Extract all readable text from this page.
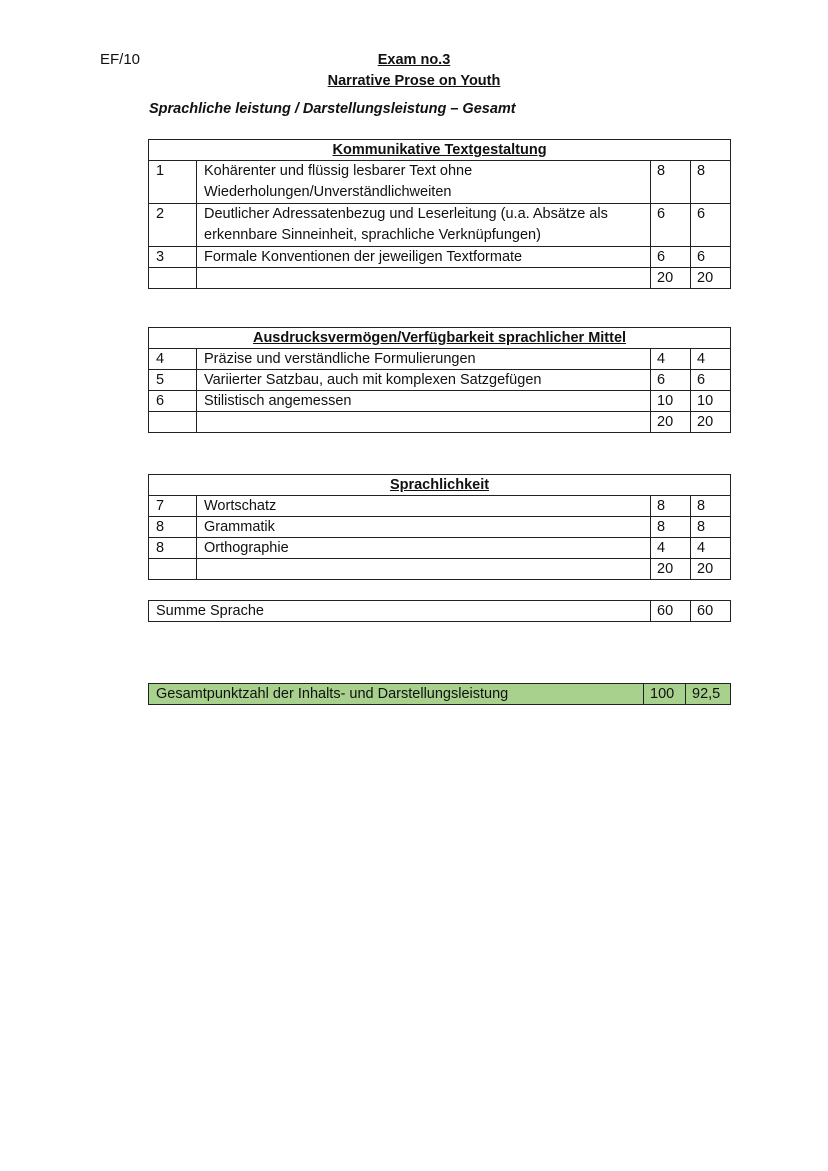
EF/10	Exam no.3
Narrative Prose on Youth
Sprachliche leistung / Darstellungsleistung – Gesamt
Kommunikative Textgestaltung			
1	Kohärenter und flüssig lesbarer Text ohne Wiederholungen/Unverständlichweiten	8	8
2	Deutlicher Adressatenbezug und Leserleitung (u.a. Absätze als erkennbare Sinneinheit, sprachliche Verknüpfungen)	6	6
3	Formale Konventionen der jeweiligen Textformate	6	6
		20	20
Ausdrucksvermögen/Verfügbarkeit sprachlicher Mittel			
4	Präzise und verständliche Formulierungen	4	4
5	Variierter Satzbau, auch mit komplexen Satzgefügen	6	6
6	Stilistisch angemessen	10	10
		20	20
Sprachlichkeit			
7	Wortschatz	8	8
8	Grammatik	8	8
8	Orthographie	4	4
		20	20
Summe Sprache	60	60
Gesamtpunktzahl der Inhalts- und Darstellungsleistung	100	92,5
